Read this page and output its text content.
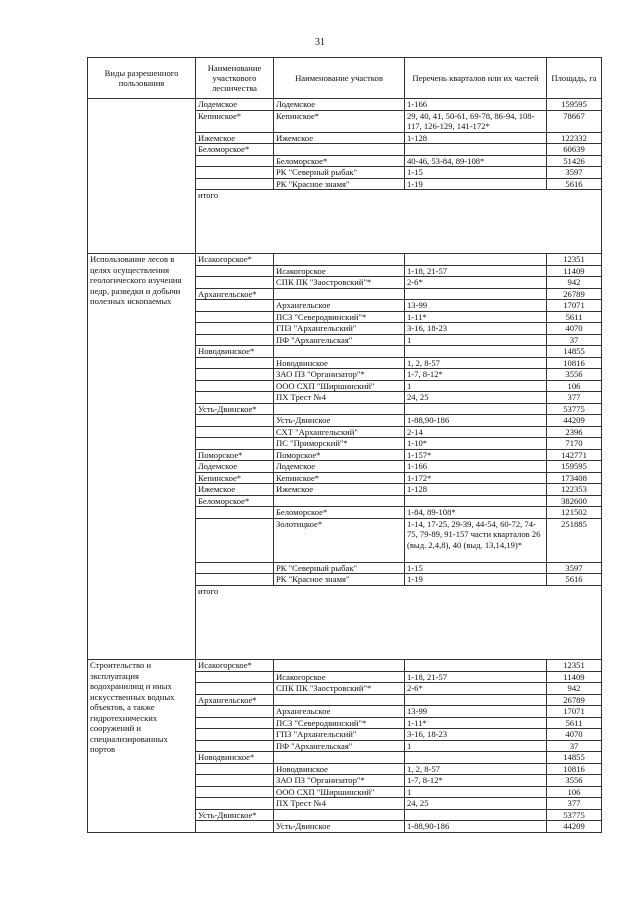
31
Виды разрешенного пользования	Наименование участкового лесничества	Наименование участков	Перечень кварталов или их частей	Площадь, га	
	Лодемское	Лодемское	1-166	159595	
	Кепинское*	Кепинское*	29, 40, 41, 50-61, 69-78, 86-94, 108-117, 126-129, 141-172*	78667	
	Ижемское	Ижемское	1-128	122332	
	Беломорское*			60639	
		Беломорское*	40-46, 53-84, 89-108*	51426	
		РК "Северный рыбак"	1-15	3597	
		РК "Красное знамя"	1-19	5616	
	итого	
Использование лесов в целях осуществления геологического изучения недр, разведки и добычи полезных ископаемых	Исакогорское*			12351	
		Исакогорское	1-18, 21-57	11409	
		СПК ПК "Заостровский"*	2-6*	942	
	Архангельское*			26789	
		Архангельское	13-99	17071	
		ПСЗ "Северодвинский"*	1-11*	5611	
		ГПЗ "Архангельский"	3-16, 18-23	4070	
		ПФ "Архангельская"	1	37	
	Новодвинское*			14855	
		Новодвинское	1, 2, 8-57	10816	
		ЗАО ПЗ "Организатор"*	1-7, 8-12*	3556	
		ООО СХП "Ширшинский"	1	106	
		ПХ Трест №4	24, 25	377	
	Усть-Двинское*			53775	
		Усть-Двинское	1-88,90-186	44209	
		СХТ "Архангельский"	2-14	2396	
		ПС "Приморский"*	1-10*	7170	
	Поморское*	Поморское*	1-157*	142771	
	Лодемское	Лодемское	1-166	159595	
	Кепинское*	Кепинское*	1-172*	173408	
	Ижемское	Ижемское	1-128	122353	
	Беломорское*			382600	
		Беломорское*	1-84, 89-108*	121502	
		Золотицкое*	1-14, 17-25, 29-39, 44-54, 60-72, 74-75, 79-89, 91-157 части кварталов 26 (выд. 2,4,8), 40 (выд. 13,14,19)*	251885	
		РК "Северный рыбак"	1-15	3597	
		РК "Красное знамя"	1-19	5616	
	итого	
Строительство и эксплуатация водохранилищ и иных искусственных водных объектов, а также гидротехнических сооружений и специализированных портов	Исакогорское*			12351	
		Исакогорское	1-18, 21-57	11409	
		СПК ПК "Заостровский"*	2-6*	942	
	Архангельское*			26789	
		Архангельское	13-99	17071	
		ПСЗ "Северодвинский"*	1-11*	5611	
		ГПЗ "Архангельский"	3-16, 18-23	4070	
		ПФ "Архангельская"	1	37	
	Новодвинское*			14855	
		Новодвинское	1, 2, 8-57	10816	
		ЗАО ПЗ "Организатор"*	1-7, 8-12*	3556	
		ООО СХП "Ширшинский"	1	106	
		ПХ Трест №4	24, 25	377	
	Усть-Двинское*			53775	
		Усть-Двинское	1-88,90-186	44209	
